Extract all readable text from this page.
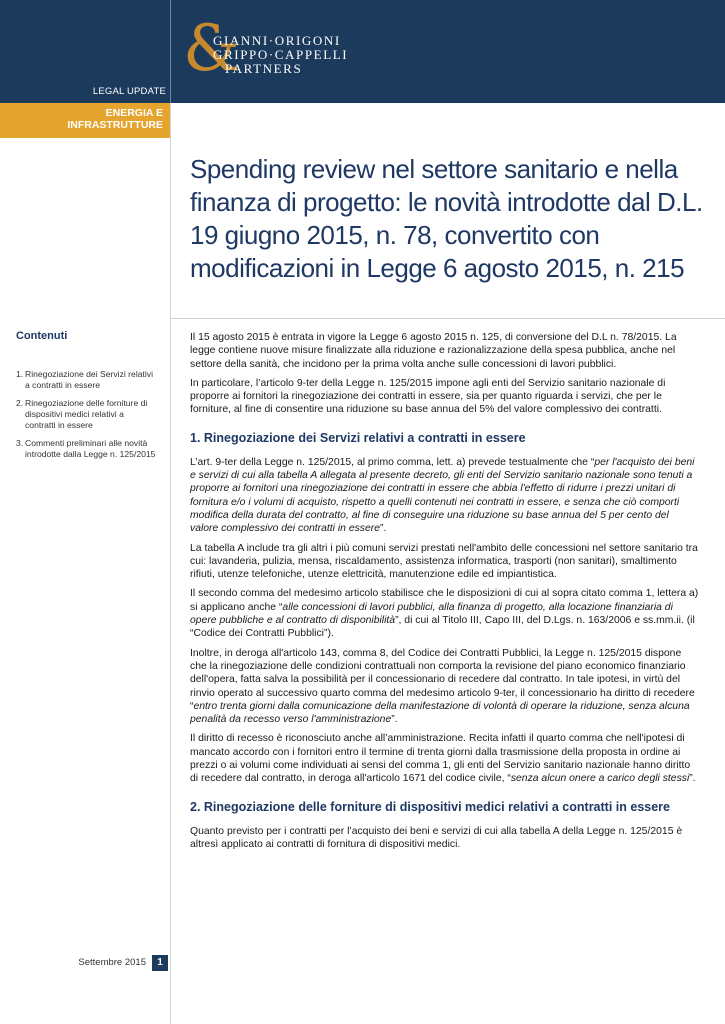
&
GIANNI·ORIGONI
GRIPPO·CAPPELLI
PARTNERS
LEGAL UPDATE
ENERGIA E
INFRASTRUTTURE
Spending review nel settore sanitario e nella finanza di progetto: le novità introdotte dal D.L. 19 giugno 2015, n. 78, convertito con modificazioni in Legge 6 agosto 2015, n. 215
Contenuti
1. Rinegoziazione dei Servizi relativi a contratti in essere
2. Rinegoziazione delle forniture di dispositivi medici relativi a contratti in essere
3. Commenti preliminari alle novità introdotte dalla Legge n. 125/2015

Il 15 agosto 2015 è entrata in vigore la Legge 6 agosto 2015 n. 125, di conversione del D.L n. 78/2015. La legge contiene nuove misure finalizzate alla riduzione e razionalizzazione della spesa pubblica, anche nel settore della sanità, che incidono per la prima volta anche sulle concessioni di lavori pubblici.

In particolare, l’articolo 9-ter della Legge n. 125/2015 impone agli enti del Servizio sanitario nazionale di proporre ai fornitori la rinegoziazione dei contratti in essere, sia per quanto riguarda i servizi, che per le forniture, al fine di consentire una riduzione su base annua del 5% del valore complessivo dei contratti.

1. Rinegoziazione dei Servizi relativi a contratti in essere

L’art. 9-ter della Legge n. 125/2015, al primo comma, lett. a) prevede testualmente che “per l'acquisto dei beni e servizi di cui alla tabella A allegata al presente decreto, gli enti del Servizio sanitario nazionale sono tenuti a proporre ai fornitori una rinegoziazione dei contratti in essere che abbia l'effetto di ridurre i prezzi unitari di fornitura e/o i volumi di acquisto, rispetto a quelli contenuti nei contratti in essere, e senza che ciò comporti modifica della durata del contratto, al fine di conseguire una riduzione su base annua del 5 per cento del valore complessivo dei contratti in essere”.

La tabella A include tra gli altri i più comuni servizi prestati nell'ambito delle concessioni nel settore sanitario tra cui: lavanderia, pulizia, mensa, riscaldamento, assistenza informatica, trasporti (non sanitari), smaltimento rifiuti, utenze telefoniche, utenze elettricità, manutenzione edile ed impiantistica.

Il secondo comma del medesimo articolo stabilisce che le disposizioni di cui al sopra citato comma 1, lettera a) si applicano anche “alle concessioni di lavori pubblici, alla finanza di progetto, alla locazione finanziaria di opere pubbliche e al contratto di disponibilità”, di cui al Titolo III, Capo III, del D.Lgs. n. 163/2006 e ss.mm.ii. (il “Codice dei Contratti Pubblici”).

Inoltre, in deroga all'articolo 143, comma 8, del Codice dei Contratti Pubblici, la Legge n. 125/2015 dispone che la rinegoziazione delle condizioni contrattuali non comporta la revisione del piano economico finanziario dell'opera, fatta salva la possibilità per il concessionario di recedere dal contratto. In tale ipotesi, in virtù del rinvio operato al successivo quarto comma del medesimo articolo 9-ter, il concessionario ha diritto di recedere “entro trenta giorni dalla comunicazione della manifestazione di volontà di operare la riduzione, senza alcuna penalità da recesso verso l'amministrazione”.

Il diritto di recesso è riconosciuto anche all’amministrazione. Recita infatti il quarto comma che nell'ipotesi di mancato accordo con i fornitori entro il termine di trenta giorni dalla trasmissione della proposta in ordine ai prezzi o ai volumi come individuati ai sensi del comma 1, gli enti del Servizio sanitario nazionale hanno diritto di recedere dal contratto, in deroga all'articolo 1671 del codice civile, “senza alcun onere a carico degli stessi”.

2. Rinegoziazione delle forniture di dispositivi medici relativi a contratti in essere

Quanto previsto per i contratti per l’acquisto dei beni e servizi di cui alla tabella A della Legge n. 125/2015 è altresì applicato ai contratti di fornitura di dispositivi medici.

Settembre 2015	1
